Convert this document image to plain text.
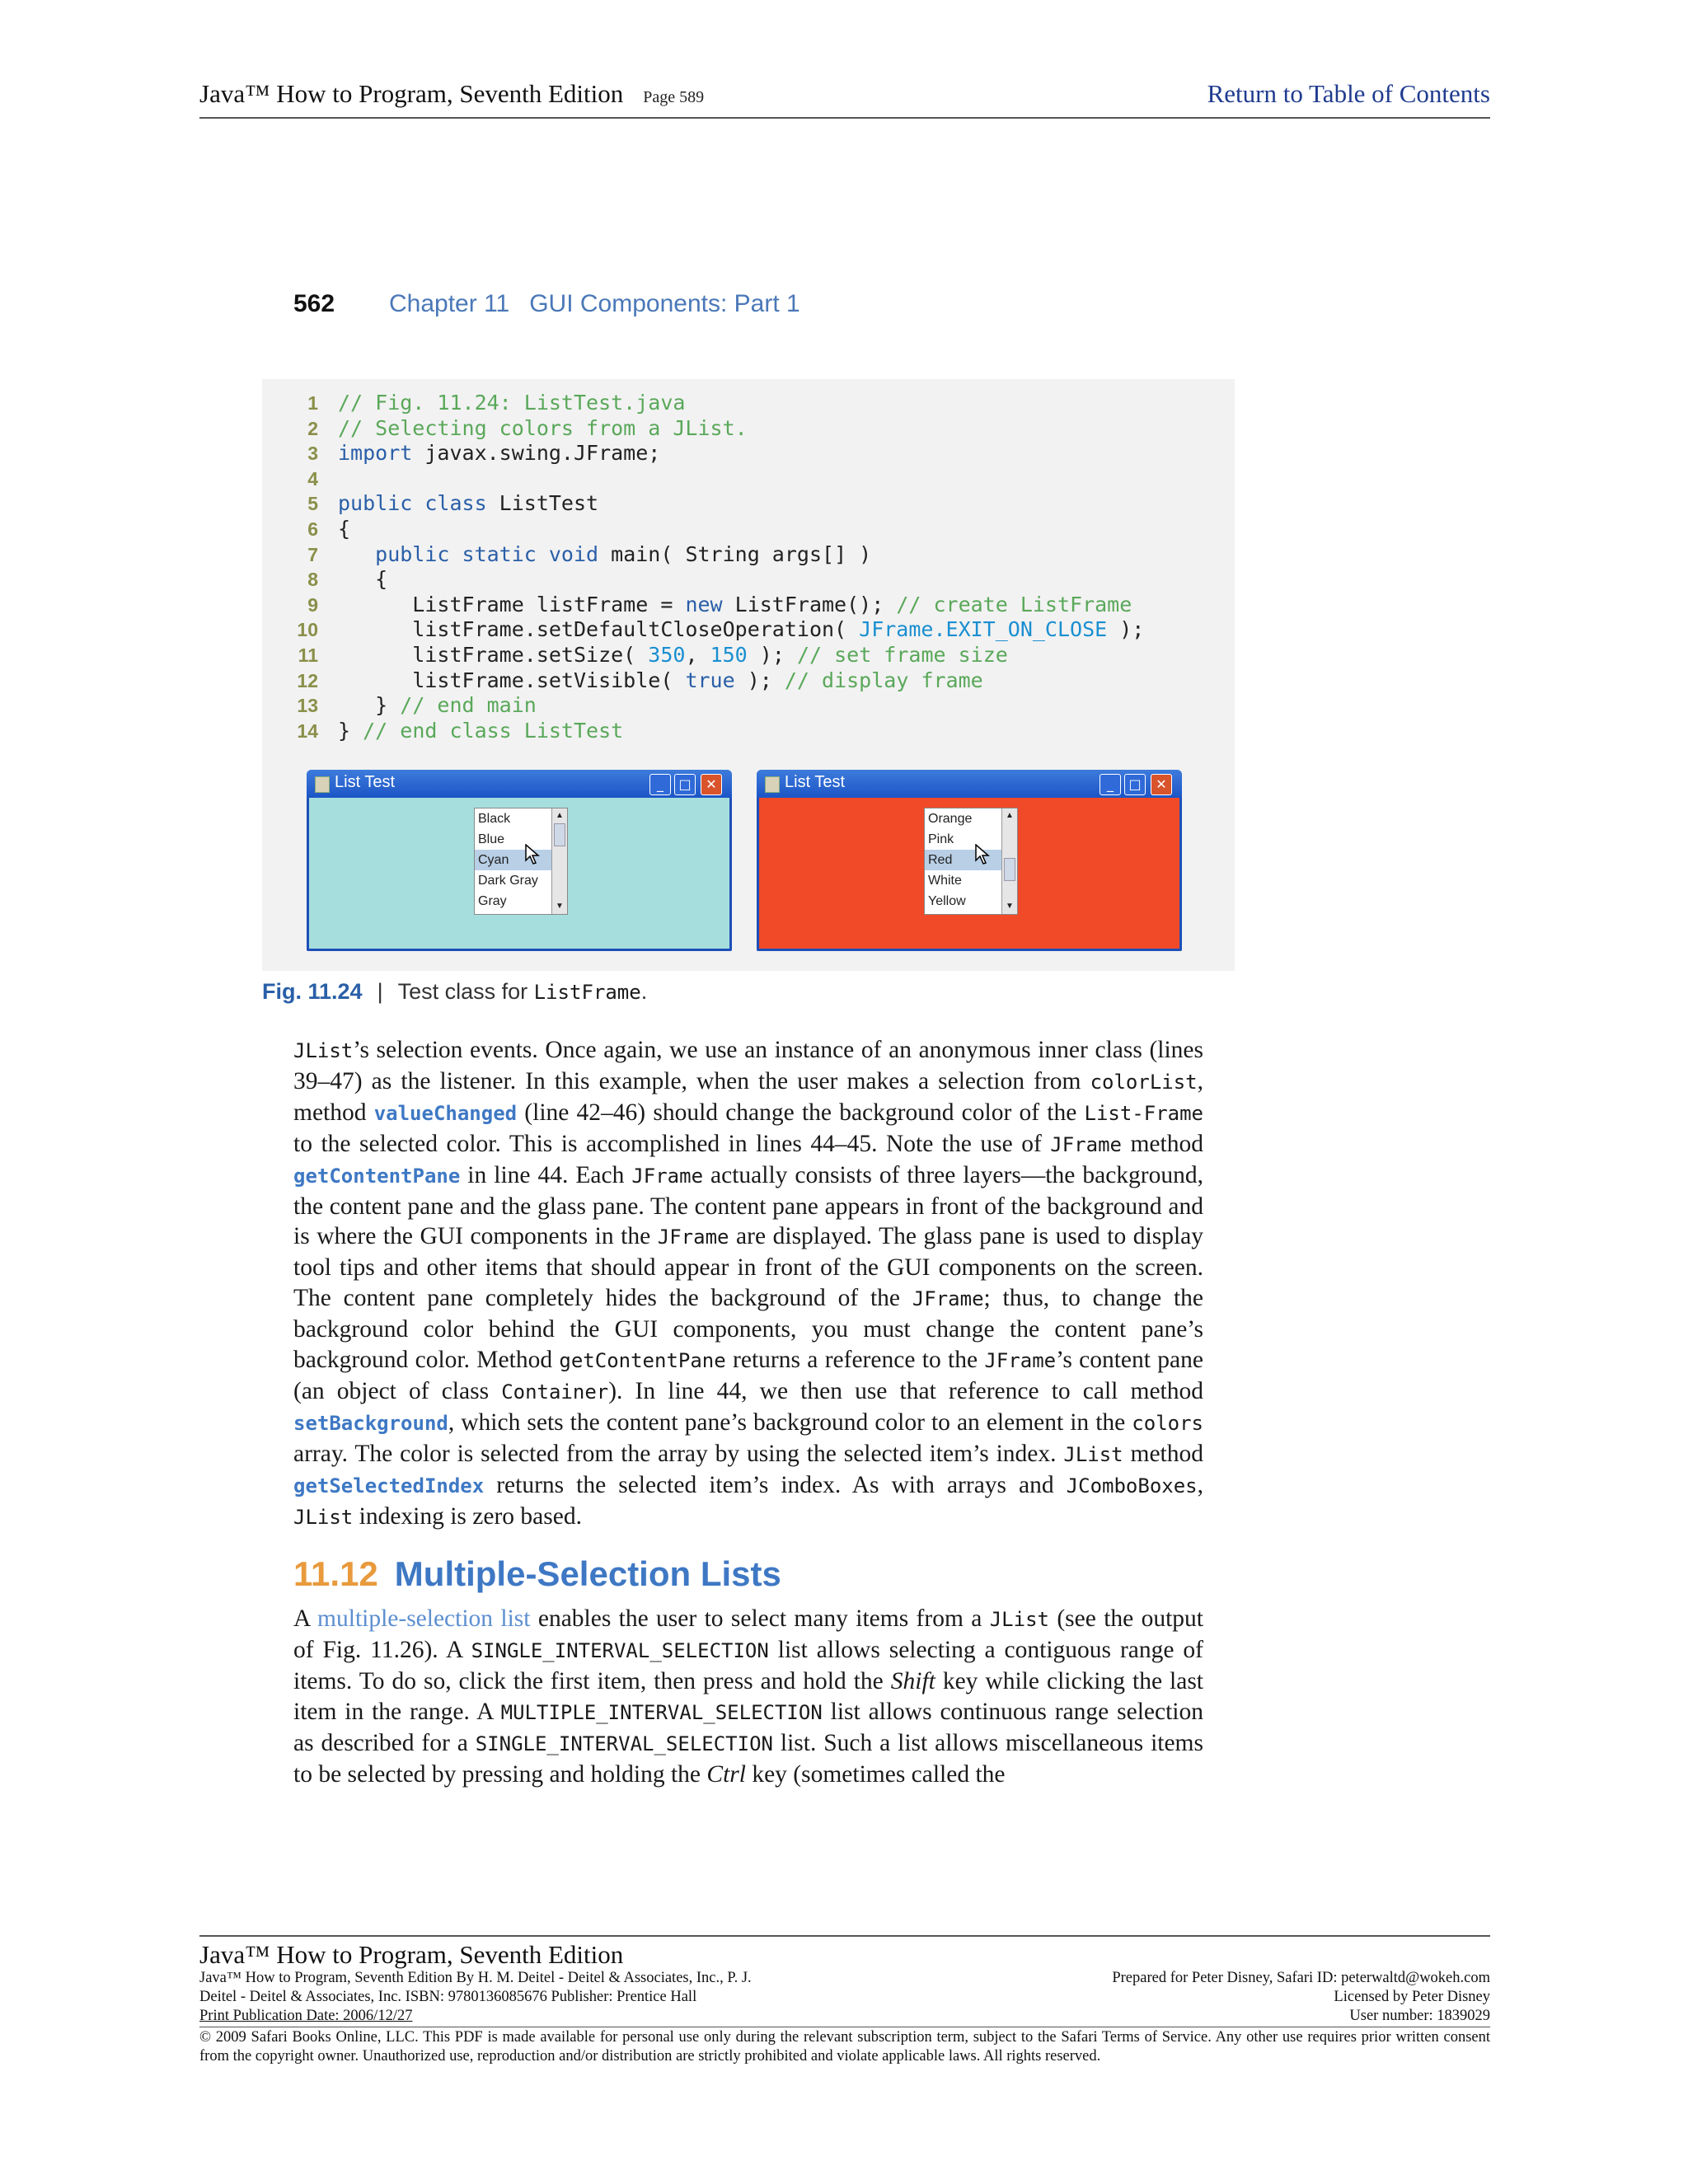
Java™ How to Program, Seventh Edition Page 589	Return to Table of Contents
562 Chapter 11 GUI Components: Part 1
1 // Fig. 11.24: ListTest.java
2 // Selecting colors from a JList.
3 import javax.swing.JFrame;
4
5 public class ListTest
6 {
7	public static void main( String args[] )
8   {
9      ListFrame listFrame = new ListFrame(); // create ListFrame
10      listFrame.setDefaultCloseOperation( JFrame.EXIT_ON_CLOSE );
11      listFrame.setSize( 350, 150 ); // set frame size
12      listFrame.setVisible( true ); // display frame
13   } // end main
14 } // end class ListTest
List Test	_	□	✕
Black
Blue
Cyan
Dark Gray
Gray
▲
▼
List Test	_	□	✕
Orange
Pink
Red
White
Yellow
▲
▼
Fig. 11.24 | Test class for ListFrame.

JList’s selection events. Once again, we use an instance of an anonymous inner class (lines 39–47) as the listener. In this example, when the user makes a selection from colorList, method valueChanged (line 42–46) should change the background color of the List-Frame to the selected color. This is accomplished in lines 44–45. Note the use of JFrame method getContentPane in line 44. Each JFrame actually consists of three layers—the background, the content pane and the glass pane. The content pane appears in front of the background and is where the GUI components in the JFrame are displayed. The glass pane is used to display tool tips and other items that should appear in front of the GUI components on the screen. The content pane completely hides the background of the JFrame; thus, to change the background color behind the GUI components, you must change the content pane’s background color. Method getContentPane returns a reference to the JFrame’s content pane (an object of class Container). In line 44, we then use that reference to call method setBackground, which sets the content pane’s background color to an element in the colors array. The color is selected from the array by using the selected item’s index. JList method getSelectedIndex returns the selected item’s index. As with arrays and JComboBoxes, JList indexing is zero based.

11.12 Multiple-Selection Lists

A multiple-selection list enables the user to select many items from a JList (see the output of Fig. 11.26). A SINGLE_INTERVAL_SELECTION list allows selecting a contiguous range of items. To do so, click the first item, then press and hold the Shift key while clicking the last item in the range. A MULTIPLE_INTERVAL_SELECTION list allows continuous range selection as described for a SINGLE_INTERVAL_SELECTION list. Such a list allows miscellaneous items to be selected by pressing and holding the Ctrl key (sometimes called the

Java™ How to Program, Seventh Edition
Java™ How to Program, Seventh Edition By H. M. Deitel - Deitel & Associates, Inc., P. J.	Prepared for Peter Disney, Safari ID: peterwaltd@wokeh.com
Deitel - Deitel & Associates, Inc. ISBN: 9780136085676 Publisher: Prentice Hall	Licensed by Peter Disney
Print Publication Date: 2006/12/27	User number: 1839029
© 2009 Safari Books Online, LLC. This PDF is made available for personal use only during the relevant subscription term, subject to the Safari Terms of Service. Any other use requires prior written consent from the copyright owner. Unauthorized use, reproduction and/or distribution are strictly prohibited and violate applicable laws. All rights reserved.
